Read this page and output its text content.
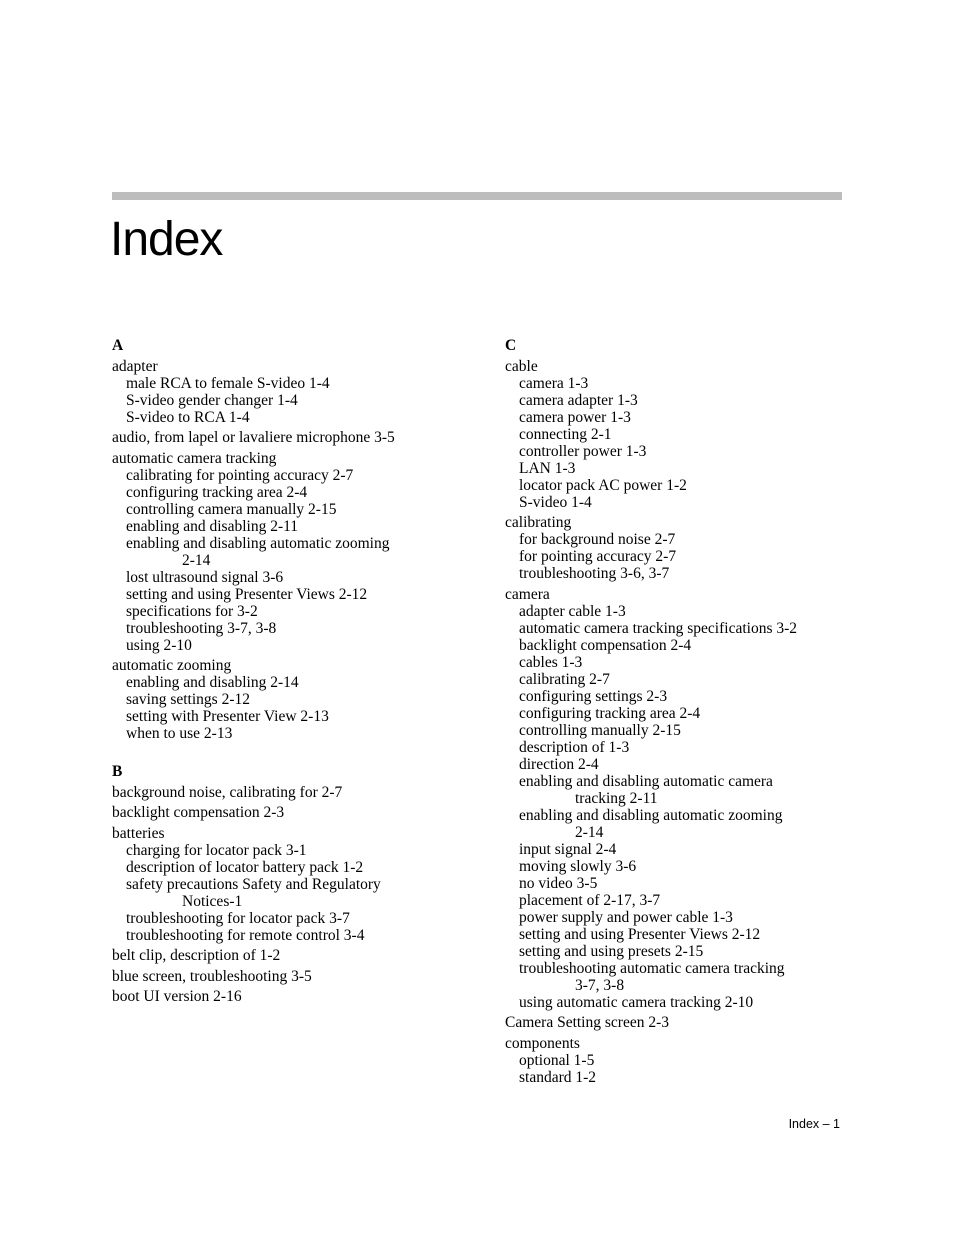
Index
A
adapter
male RCA to female S-video 1-4
S-video gender changer 1-4
S-video to RCA 1-4
audio, from lapel or lavaliere microphone 3-5
automatic camera tracking
calibrating for pointing accuracy 2-7
configuring tracking area 2-4
controlling camera manually 2-15
enabling and disabling 2-11
enabling and disabling automatic zooming
2-14
lost ultrasound signal 3-6
setting and using Presenter Views 2-12
specifications for 3-2
troubleshooting 3-7, 3-8
using 2-10
automatic zooming
enabling and disabling 2-14
saving settings 2-12
setting with Presenter View 2-13
when to use 2-13
B
background noise, calibrating for 2-7
backlight compensation 2-3
batteries
charging for locator pack 3-1
description of locator battery pack 1-2
safety precautions Safety and Regulatory
Notices-1
troubleshooting for locator pack 3-7
troubleshooting for remote control 3-4
belt clip, description of 1-2
blue screen, troubleshooting 3-5
boot UI version 2-16
C
cable
camera 1-3
camera adapter 1-3
camera power 1-3
connecting 2-1
controller power 1-3
LAN 1-3
locator pack AC power 1-2
S-video 1-4
calibrating
for background noise 2-7
for pointing accuracy 2-7
troubleshooting 3-6, 3-7
camera
adapter cable 1-3
automatic camera tracking specifications 3-2
backlight compensation 2-4
cables 1-3
calibrating 2-7
configuring settings 2-3
configuring tracking area 2-4
controlling manually 2-15
description of 1-3
direction 2-4
enabling and disabling automatic camera
tracking 2-11
enabling and disabling automatic zooming
2-14
input signal 2-4
moving slowly 3-6
no video 3-5
placement of 2-17, 3-7
power supply and power cable 1-3
setting and using Presenter Views 2-12
setting and using presets 2-15
troubleshooting automatic camera tracking
3-7, 3-8
using automatic camera tracking 2-10
Camera Setting screen 2-3
components
optional 1-5
standard 1-2
Index – 1
